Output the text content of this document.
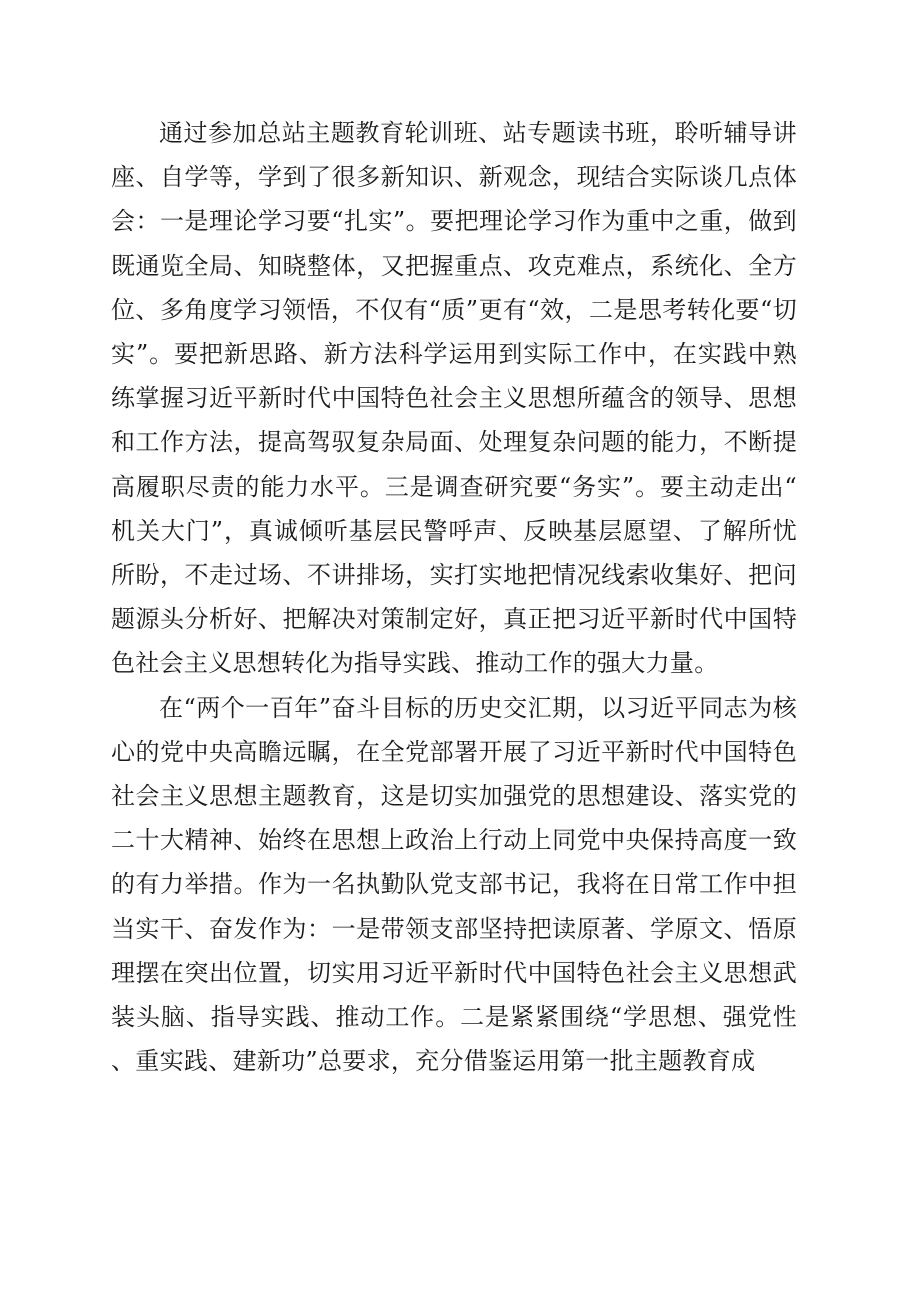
通过参加总站主题教育轮训班、站专题读书班，聆听辅导讲座、自学等，学到了很多新知识、新观念，现结合实际谈几点体会：一是理论学习要“扎实”。要把理论学习作为重中之重，做到既通览全局、知晓整体，又把握重点、攻克难点，系统化、全方位、多角度学习领悟，不仅有“质”更有“效，二是思考转化要“切实”。要把新思路、新方法科学运用到实际工作中，在实践中熟练掌握习近平新时代中国特色社会主义思想所蕴含的领导、思想和工作方法，提高驾驭复杂局面、处理复杂问题的能力，不断提高履职尽责的能力水平。三是调查研究要“务实”。要主动走出“机关大门”，真诚倾听基层民警呼声、反映基层愿望、了解所忧所盼，不走过场、不讲排场，实打实地把情况线索收集好、把问题源头分析好、把解决对策制定好，真正把习近平新时代中国特色社会主义思想转化为指导实践、推动工作的强大力量。

在“两个一百年”奋斗目标的历史交汇期，以习近平同志为核心的党中央高瞻远瞩，在全党部署开展了习近平新时代中国特色社会主义思想主题教育，这是切实加强党的思想建设、落实党的二十大精神、始终在思想上政治上行动上同党中央保持高度一致的有力举措。作为一名执勤队党支部书记，我将在日常工作中担当实干、奋发作为：一是带领支部坚持把读原著、学原文、悟原理摆在突出位置，切实用习近平新时代中国特色社会主义思想武装头脑、指导实践、推动工作。二是紧紧围绕“学思想、强党性、重实践、建新功”总要求，充分借鉴运用第一批主题教育成
